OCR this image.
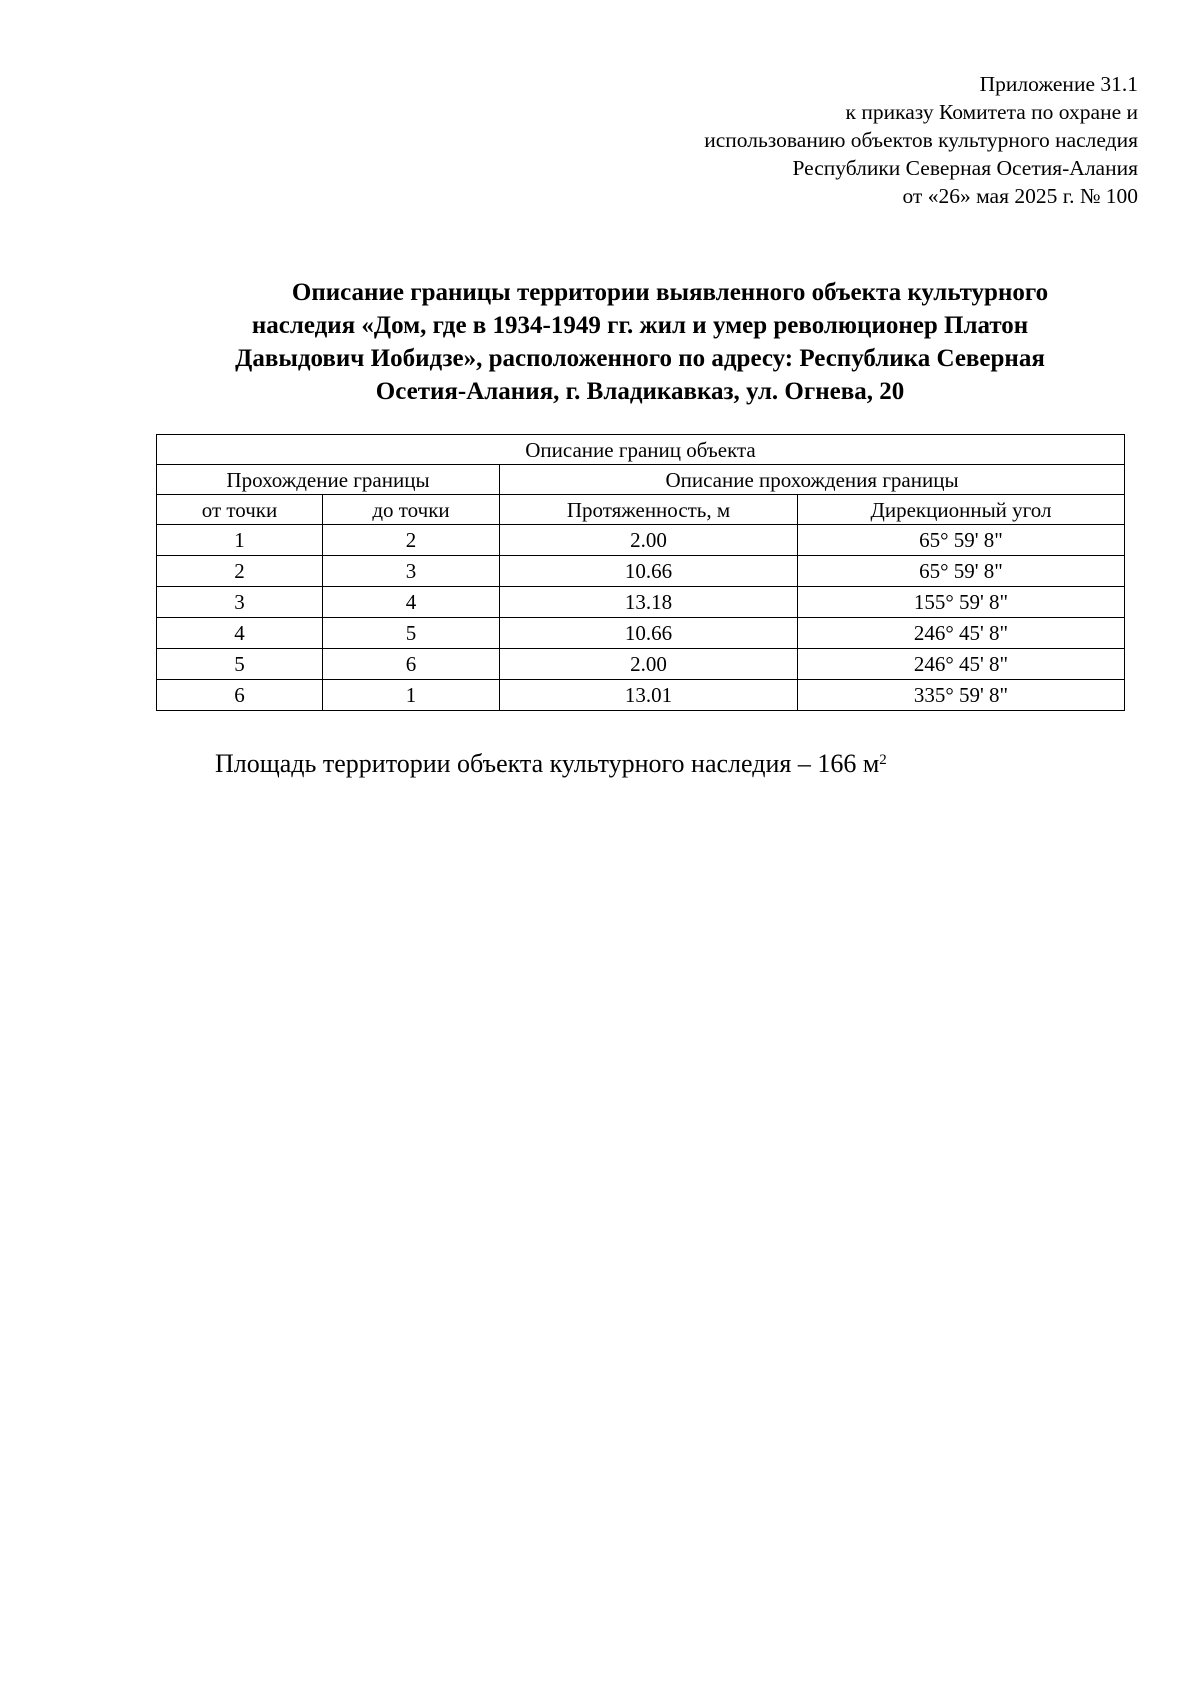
Приложение 31.1
к приказу Комитета по охране и
использованию объектов культурного наследия
Республики Северная Осетия-Алания
от «26» мая 2025 г. № 100
Описание границы территории выявленного объекта культурного
наследия «Дом, где в 1934-1949 гг. жил и умер революционер Платон
Давыдович Иобидзе», расположенного по адресу: Республика Северная
Осетия-Алания, г. Владикавказ, ул. Огнева, 20
Описание границ объекта			
Прохождение границы		Описание прохождения границы	
от точки	до точки	Протяженность, м	Дирекционный угол
1	2	2.00	65° 59' 8"
2	3	10.66	65° 59' 8"
3	4	13.18	155° 59' 8"
4	5	10.66	246° 45' 8"
5	6	2.00	246° 45' 8"
6	1	13.01	335° 59' 8"
Площадь территории объекта культурного наследия – 166 $м^2$
